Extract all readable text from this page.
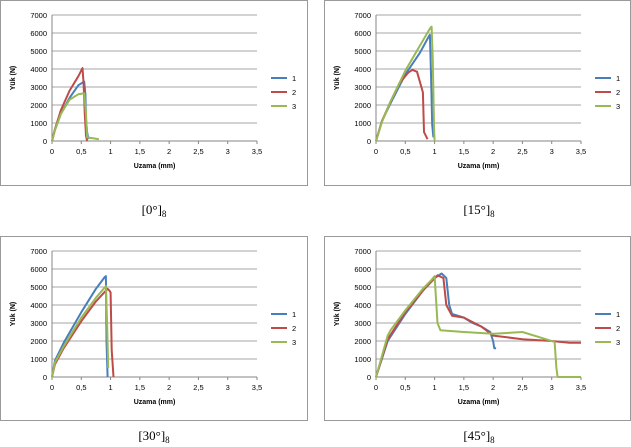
0
1000
2000
3000
4000
5000
6000
7000
0	0,5	1	1,5	2	2,5	3	3,5
Uzama (mm)
Yük (N)	1
2
3
0
1000
2000
3000
4000
5000
6000
7000
0	0,5	1	1,5	2	2,5	3	3,5
Uzama (mm)
Yük (N)	1
2
3
0
1000
2000
3000
4000
5000
6000
7000
0	0,5	1	1,5	2	2,5	3	3,5
Uzama (mm)
Yük (N)	1
2
3
0
1000
2000
3000
4000
5000
6000
7000
0	0,5	1	1,5	2	2,5	3	3,5
Uzama (mm)
Yük (N)	1
2
3
$[0^\circ]_8$	$[15^\circ]_8$
$[30^\circ]_8$	$[45^\circ]_8$
